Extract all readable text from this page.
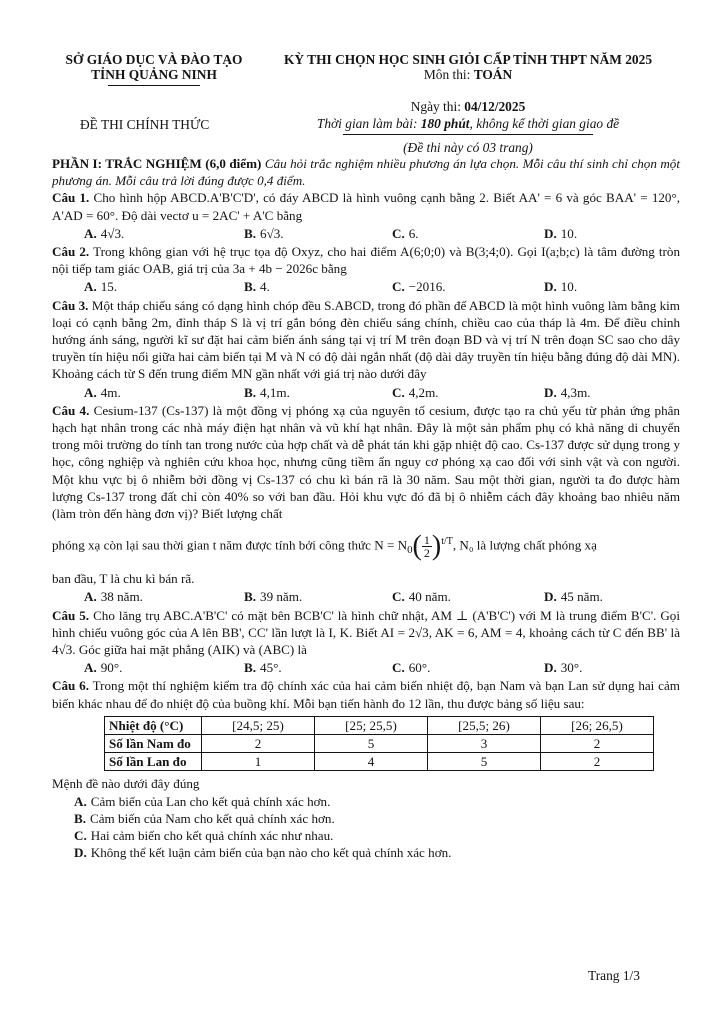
SỞ GIÁO DỤC VÀ ĐÀO TẠO
TỈNH QUẢNG NINH
KỲ THI CHỌN HỌC SINH GIỎI CẤP TỈNH THPT NĂM 2025
Môn thi: TOÁN
Ngày thi: 04/12/2025
Thời gian làm bài: 180 phút, không kể thời gian giao đề
(Đề thi này có 03 trang)
ĐỀ THI CHÍNH THỨC

PHẦN I: TRẮC NGHIỆM (6,0 điểm) Câu hỏi trắc nghiệm nhiều phương án lựa chọn. Mỗi câu thí sinh chỉ chọn một phương án. Mỗi câu trả lời đúng được 0,4 điểm.

Câu 1. Cho hình hộp ABCD.A'B'C'D', có đáy ABCD là hình vuông cạnh bằng 2. Biết AA' = 6 và góc BAA' = 120°, A'AD = 60°. Độ dài vectơ u = 2AC' + A'C bằng

A. 4√3.	B. 6√3.	C. 6.	D. 10.

Câu 2. Trong không gian với hệ trục tọa độ Oxyz, cho hai điểm A(6;0;0) và B(3;4;0). Gọi I(a;b;c) là tâm đường tròn nội tiếp tam giác OAB, giá trị của 3a + 4b − 2026c bằng

A. 15.	B. 4.	C. −2016.	D. 10.

Câu 3. Một tháp chiếu sáng có dạng hình chóp đều S.ABCD, trong đó phần đế ABCD là một hình vuông làm bằng kim loại có cạnh bằng 2m, đỉnh tháp S là vị trí gắn bóng đèn chiếu sáng chính, chiều cao của tháp là 4m. Để điều chỉnh hướng ánh sáng, người kĩ sư đặt hai cảm biến ánh sáng tại vị trí M trên đoạn BD và vị trí N trên đoạn SC sao cho dây truyền tín hiệu nối giữa hai cảm biến tại M và N có độ dài ngắn nhất (độ dài dây truyền tín hiệu bằng đúng độ dài MN). Khoảng cách từ S đến trung điểm MN gần nhất với giá trị nào dưới đây

A. 4m.	B. 4,1m.	C. 4,2m.	D. 4,3m.

Câu 4. Cesium-137 (Cs-137) là một đồng vị phóng xạ của nguyên tố cesium, được tạo ra chủ yếu từ phản ứng phân hạch hạt nhân trong các nhà máy điện hạt nhân và vũ khí hạt nhân. Đây là một sản phẩm phụ có khả năng di chuyển trong môi trường do tính tan trong nước của hợp chất và dễ phát tán khi gặp nhiệt độ cao. Cs-137 được sử dụng trong y học, công nghiệp và nghiên cứu khoa học, nhưng cũng tiềm ẩn nguy cơ phóng xạ cao đối với sinh vật và con người. Một khu vực bị ô nhiễm bởi đồng vị Cs-137 có chu kì bán rã là 30 năm. Sau một thời gian, người ta đo được hàm lượng Cs-137 trong đất chỉ còn 40% so với ban đầu. Hỏi khu vực đó đã bị ô nhiễm cách đây khoảng bao nhiêu năm (làm tròn đến hàng đơn vị)? Biết lượng chất

phóng xạ còn lại sau thời gian t năm được tính bởi công thức $N = N_0( \frac{1}{2} )^{t/T}$, N₀ là lượng chất phóng xạ

ban đầu, T là chu kì bán rã.

A. 38 năm.	B. 39 năm.	C. 40 năm.	D. 45 năm.

Câu 5. Cho lăng trụ ABC.A'B'C' có mặt bên BCB'C' là hình chữ nhật, AM ⊥ (A'B'C') với M là trung điểm B'C'. Gọi hình chiếu vuông góc của A lên BB', CC' lần lượt là I, K. Biết AI = 2√3, AK = 6, AM = 4, khoảng cách từ C đến BB' là 4√3. Góc giữa hai mặt phẳng (AIK) và (ABC) là

A. 90°.	B. 45°.	C. 60°.	D. 30°.

Câu 6. Trong một thí nghiệm kiểm tra độ chính xác của hai cảm biến nhiệt độ, bạn Nam và bạn Lan sử dụng hai cảm biến khác nhau để đo nhiệt độ của buồng khí. Mỗi bạn tiến hành đo 12 lần, thu được bảng số liệu sau:

Nhiệt độ (°C)	[24,5; 25)	[25; 25,5)	[25,5; 26)	[26; 26,5)
Số lần Nam đo	2	5	3	2
Số lần Lan đo	1	4	5	2

Mệnh đề nào dưới đây đúng

A. Cảm biến của Lan cho kết quả chính xác hơn.

B. Cảm biến của Nam cho kết quả chính xác hơn.

C. Hai cảm biến cho kết quả chính xác như nhau.

D. Không thể kết luận cảm biến của bạn nào cho kết quả chính xác hơn.

Trang 1/3
